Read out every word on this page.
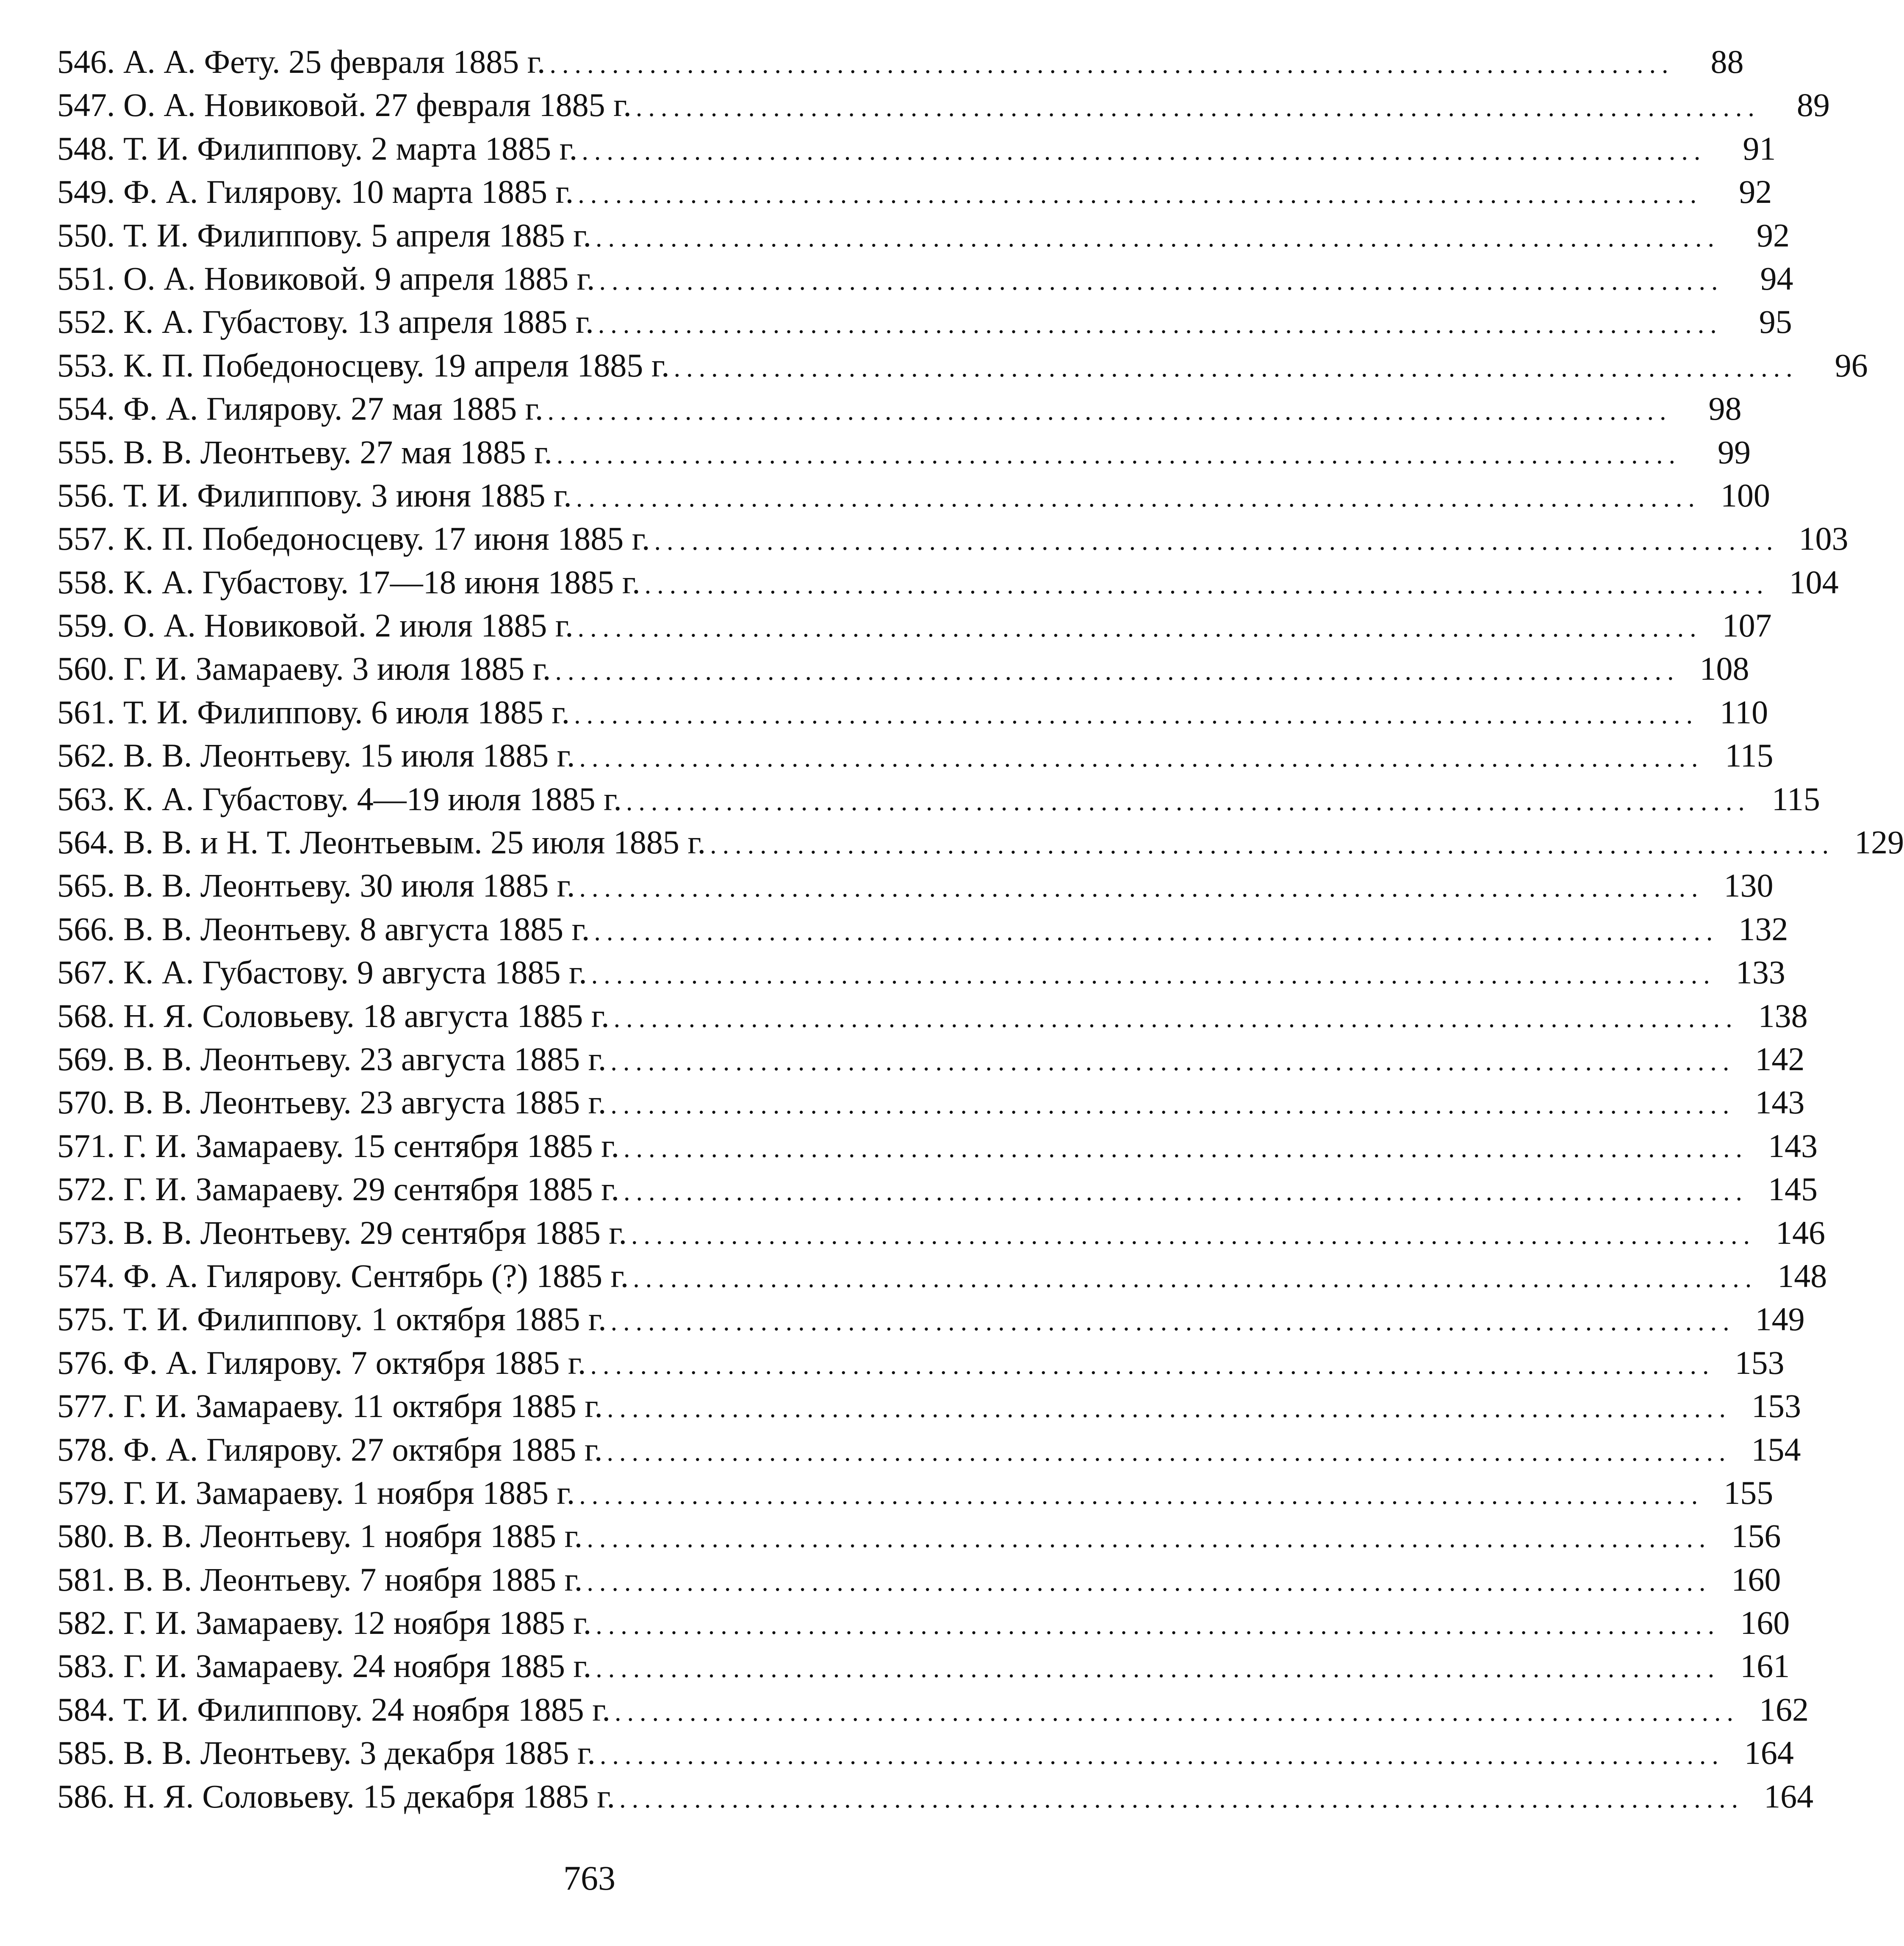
546. А. А. Фету. 25 февраля 1885 г. ..........................................................................................	88
547. О. А. Новиковой. 27 февраля 1885 г. ..........................................................................................	89
548. Т. И. Филиппову. 2 марта 1885 г. ..........................................................................................	91
549. Ф. А. Гилярову. 10 марта 1885 г. ..........................................................................................	92
550. Т. И. Филиппову. 5 апреля 1885 г. ..........................................................................................	92
551. О. А. Новиковой. 9 апреля 1885 г. ..........................................................................................	94
552. К. А. Губастову. 13 апреля 1885 г. ..........................................................................................	95
553. К. П. Победоносцеву. 19 апреля 1885 г. ..........................................................................................	96
554. Ф. А. Гилярову. 27 мая 1885 г. ..........................................................................................	98
555. В. В. Леонтьеву. 27 мая 1885 г. ..........................................................................................	99
556. Т. И. Филиппову. 3 июня 1885 г. .......................................................................................... 100
557. К. П. Победоносцеву. 17 июня 1885 г. .......................................................................................... 103
558. К. А. Губастову. 17—18 июня 1885 г. .......................................................................................... 104
559. О. А. Новиковой. 2 июля 1885 г. .......................................................................................... 107
560. Г. И. Замараеву. 3 июля 1885 г. .......................................................................................... 108
561. Т. И. Филиппову. 6 июля 1885 г. .......................................................................................... 110
562. В. В. Леонтьеву. 15 июля 1885 г. .......................................................................................... 115
563. К. А. Губастову. 4—19 июля 1885 г. .......................................................................................... 115
564. В. В. и Н. Т. Леонтьевым. 25 июля 1885 г. .......................................................................................... 129
565. В. В. Леонтьеву. 30 июля 1885 г. .......................................................................................... 130
566. В. В. Леонтьеву. 8 августа 1885 г. .......................................................................................... 132
567. К. А. Губастову. 9 августа 1885 г. .......................................................................................... 133
568. Н. Я. Соловьеву. 18 августа 1885 г. .......................................................................................... 138
569. В. В. Леонтьеву. 23 августа 1885 г. .......................................................................................... 142
570. В. В. Леонтьеву. 23 августа 1885 г. .......................................................................................... 143
571. Г. И. Замараеву. 15 сентября 1885 г. .......................................................................................... 143
572. Г. И. Замараеву. 29 сентября 1885 г. .......................................................................................... 145
573. В. В. Леонтьеву. 29 сентября 1885 г. .......................................................................................... 146
574. Ф. А. Гилярову. Сентябрь (?) 1885 г. .......................................................................................... 148
575. Т. И. Филиппову. 1 октября 1885 г. .......................................................................................... 149
576. Ф. А. Гилярову. 7 октября 1885 г. .......................................................................................... 153
577. Г. И. Замараеву. 11 октября 1885 г. .......................................................................................... 153
578. Ф. А. Гилярову. 27 октября 1885 г. .......................................................................................... 154
579. Г. И. Замараеву. 1 ноября 1885 г. .......................................................................................... 155
580. В. В. Леонтьеву. 1 ноября 1885 г. .......................................................................................... 156
581. В. В. Леонтьеву. 7 ноября 1885 г. .......................................................................................... 160
582. Г. И. Замараеву. 12 ноября 1885 г. .......................................................................................... 160
583. Г. И. Замараеву. 24 ноября 1885 г. .......................................................................................... 161
584. Т. И. Филиппову. 24 ноября 1885 г. .......................................................................................... 162
585. В. В. Леонтьеву. 3 декабря 1885 г. .......................................................................................... 164
586. Н. Я. Соловьеву. 15 декабря 1885 г. .......................................................................................... 164
763
